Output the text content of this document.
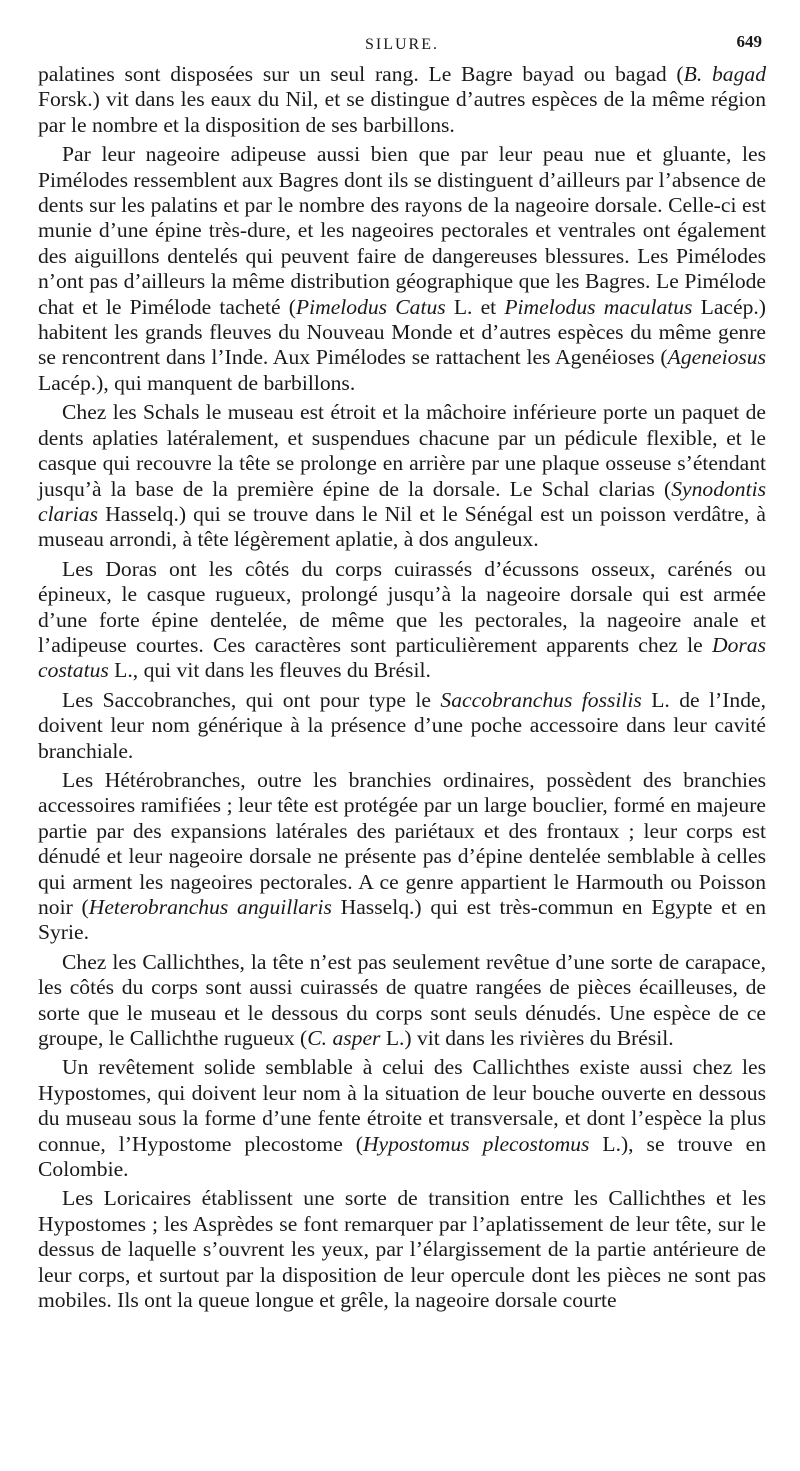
SILURE.	649

palatines sont disposées sur un seul rang. Le Bagre bayad ou bagad (B. bagad Forsk.) vit dans les eaux du Nil, et se distingue d’autres espèces de la même région par le nombre et la disposition de ses barbillons.

Par leur nageoire adipeuse aussi bien que par leur peau nue et gluante, les Pimélodes ressemblent aux Bagres dont ils se distinguent d’ailleurs par l’absence de dents sur les palatins et par le nombre des rayons de la nageoire dorsale. Celle-ci est munie d’une épine très-dure, et les nageoires pectorales et ventrales ont également des aiguillons dentelés qui peuvent faire de dangereuses blessures. Les Pimélodes n’ont pas d’ailleurs la même distribution géographique que les Bagres. Le Pimélode chat et le Pimélode tacheté (Pimelodus Catus L. et Pimelodus maculatus Lacép.) habitent les grands fleuves du Nouveau Monde et d’autres espèces du même genre se rencontrent dans l’Inde. Aux Pimélodes se rattachent les Agenéioses (Ageneiosus Lacép.), qui manquent de barbillons.

Chez les Schals le museau est étroit et la mâchoire inférieure porte un paquet de dents aplaties latéralement, et suspendues chacune par un pédicule flexible, et le casque qui recouvre la tête se prolonge en arrière par une plaque osseuse s’étendant jusqu’à la base de la première épine de la dorsale. Le Schal clarias (Synodontis clarias Hasselq.) qui se trouve dans le Nil et le Sénégal est un poisson verdâtre, à museau arrondi, à tête légèrement aplatie, à dos anguleux.

Les Doras ont les côtés du corps cuirassés d’écussons osseux, carénés ou épineux, le casque rugueux, prolongé jusqu’à la nageoire dorsale qui est armée d’une forte épine dentelée, de même que les pectorales, la nageoire anale et l’adipeuse courtes. Ces caractères sont particulièrement apparents chez le Doras costatus L., qui vit dans les fleuves du Brésil.

Les Saccobranches, qui ont pour type le Saccobranchus fossilis L. de l’Inde, doivent leur nom générique à la présence d’une poche accessoire dans leur cavité branchiale.

Les Hétérobranches, outre les branchies ordinaires, possèdent des branchies accessoires ramifiées ; leur tête est protégée par un large bouclier, formé en majeure partie par des expansions latérales des pariétaux et des frontaux ; leur corps est dénudé et leur nageoire dorsale ne présente pas d’épine dentelée semblable à celles qui arment les nageoires pectorales. A ce genre appartient le Harmouth ou Poisson noir (Heterobranchus anguillaris Hasselq.) qui est très-commun en Egypte et en Syrie.

Chez les Callichthes, la tête n’est pas seulement revêtue d’une sorte de carapace, les côtés du corps sont aussi cuirassés de quatre rangées de pièces écailleuses, de sorte que le museau et le dessous du corps sont seuls dénudés. Une espèce de ce groupe, le Callichthe rugueux (C. asper L.) vit dans les rivières du Brésil.

Un revêtement solide semblable à celui des Callichthes existe aussi chez les Hypostomes, qui doivent leur nom à la situation de leur bouche ouverte en dessous du museau sous la forme d’une fente étroite et transversale, et dont l’espèce la plus connue, l’Hypostome plecostome (Hypostomus plecostomus L.), se trouve en Colombie.

Les Loricaires établissent une sorte de transition entre les Callichthes et les Hypostomes ; les Asprèdes se font remarquer par l’aplatissement de leur tête, sur le dessus de laquelle s’ouvrent les yeux, par l’élargissement de la partie antérieure de leur corps, et surtout par la disposition de leur opercule dont les pièces ne sont pas mobiles. Ils ont la queue longue et grêle, la nageoire dorsale courte
